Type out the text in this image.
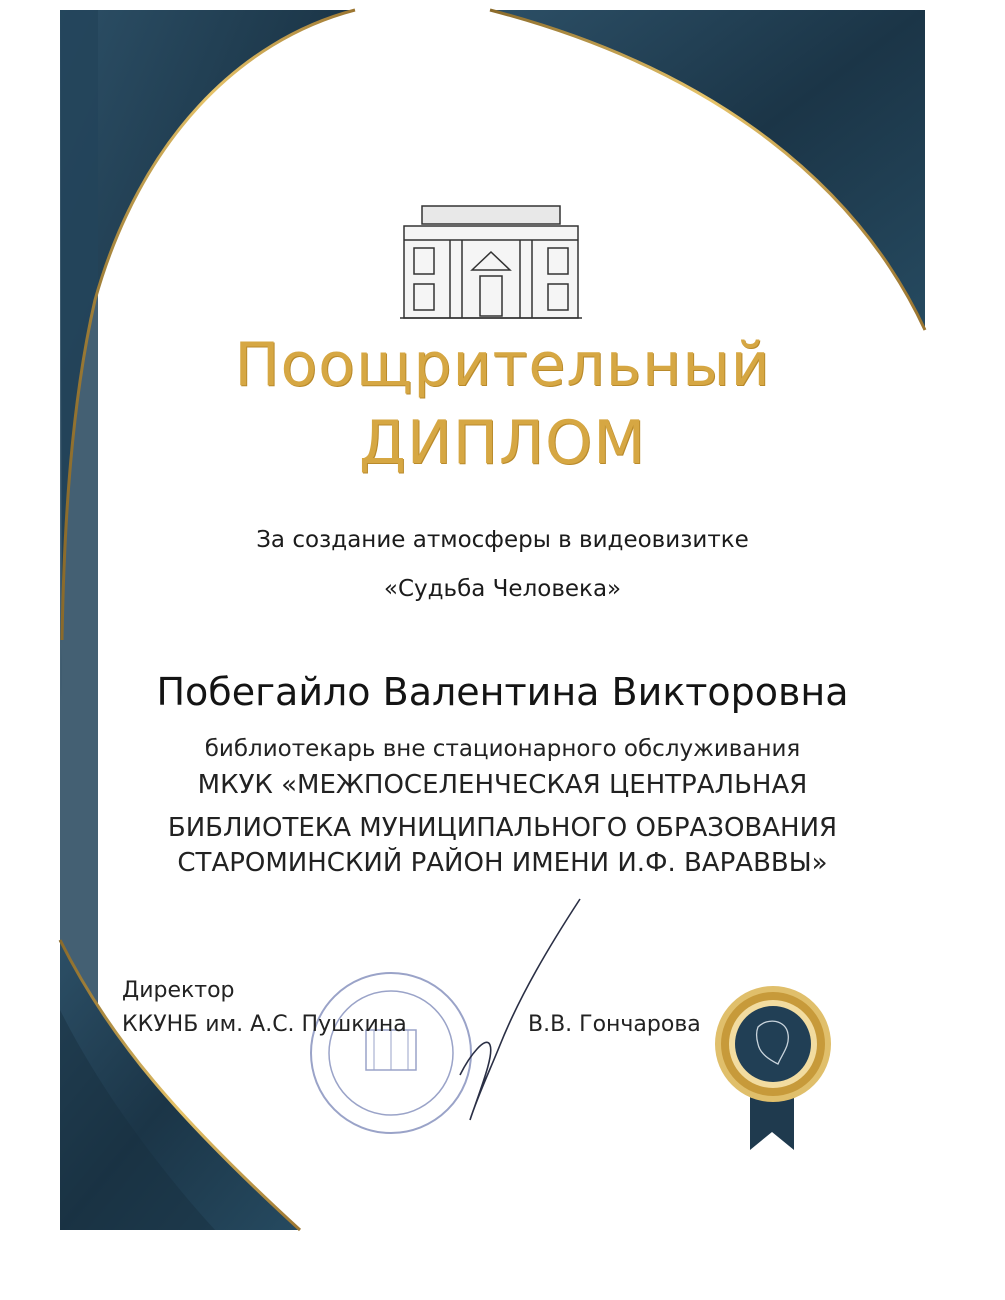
Поощрительный
ДИПЛОМ
За создание атмосферы в видеовизитке
«Судьба Человека»
Побегайло Валентина Викторовна
библиотекарь вне стационарного обслуживания
МКУК «МЕЖПОСЕЛЕНЧЕСКАЯ ЦЕНТРАЛЬНАЯ
БИБЛИОТЕКА МУНИЦИПАЛЬНОГО ОБРАЗОВАНИЯ
СТАРОМИНСКИЙ РАЙОН ИМЕНИ И.Ф. ВАРАВВЫ»
Директор
ККУНБ им. А.С. Пушкина	В.В. Гончарова
